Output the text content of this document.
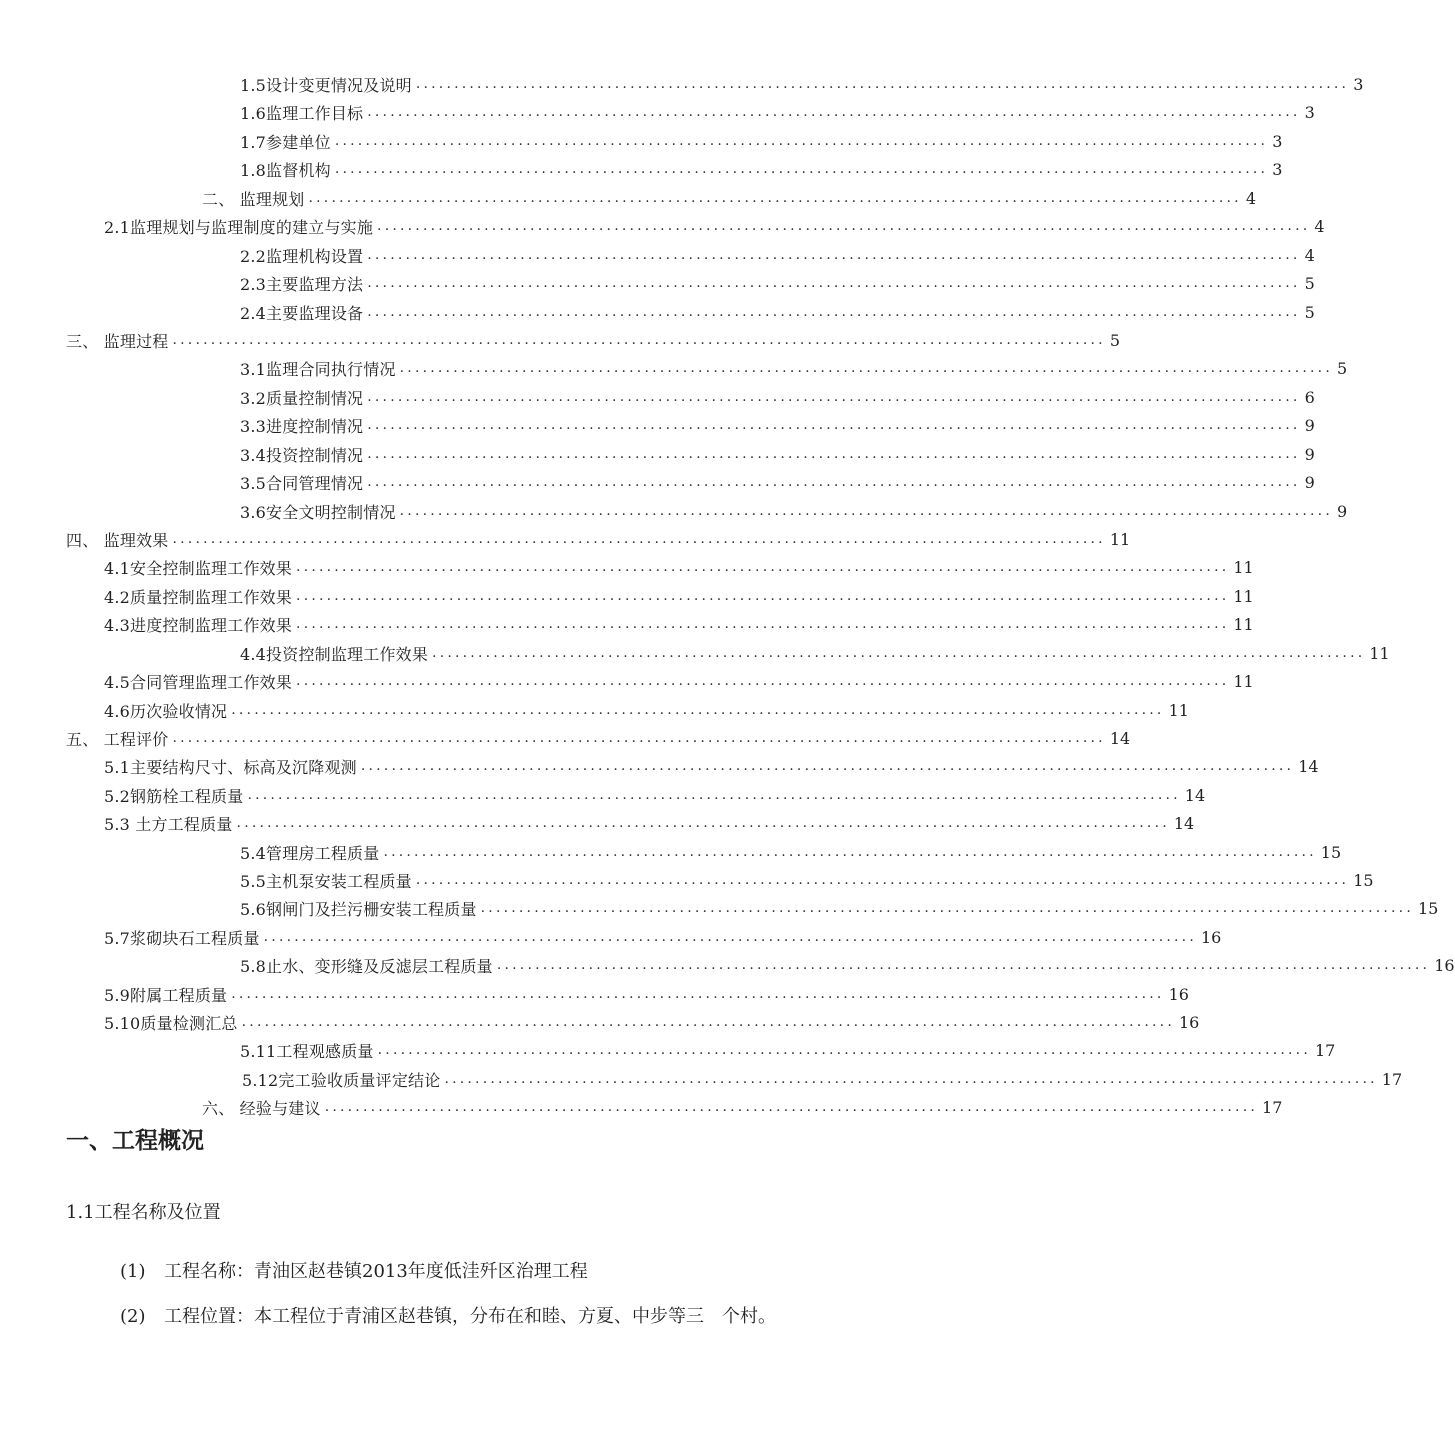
1.5设计变更情况及说明 .......................................................................................................................... 3
1.6监理工作目标 .......................................................................................................................... 3
1.7参建单位 .......................................................................................................................... 3
1.8监督机构 .......................................................................................................................... 3
二、 监理规划 .......................................................................................................................... 4
2.1监理规划与监理制度的建立与实施 .......................................................................................................................... 4
2.2监理机构设置 .......................................................................................................................... 4
2.3主要监理方法 .......................................................................................................................... 5
2.4主要监理设备 .......................................................................................................................... 5
三、 监理过程 .......................................................................................................................... 5
3.1监理合同执行情况 .......................................................................................................................... 5
3.2质量控制情况 .......................................................................................................................... 6
3.3进度控制情况 .......................................................................................................................... 9
3.4投资控制情况 .......................................................................................................................... 9
3.5合同管理情况 .......................................................................................................................... 9
3.6安全文明控制情况 .......................................................................................................................... 9
四、 监理效果 .......................................................................................................................... 11
4.1安全控制监理工作效果 .......................................................................................................................... 11
4.2质量控制监理工作效果 .......................................................................................................................... 11
4.3进度控制监理工作效果 .......................................................................................................................... 11
4.4投资控制监理工作效果 .......................................................................................................................... 11
4.5合同管理监理工作效果 .......................................................................................................................... 11
4.6历次验收情况 .......................................................................................................................... 11
五、 工程评价 .......................................................................................................................... 14
5.1主要结构尺寸、标高及沉降观测 .......................................................................................................................... 14
5.2钢筋栓工程质量 .......................................................................................................................... 14
5.3 土方工程质量 .......................................................................................................................... 14
5.4管理房工程质量 .......................................................................................................................... 15
5.5主机泵安装工程质量 .......................................................................................................................... 15
5.6钢闸门及拦污栅安装工程质量 .......................................................................................................................... 15
5.7浆砌块石工程质量 .......................................................................................................................... 16
5.8止水、变形缝及反滤层工程质量 .......................................................................................................................... 16
5.9附属工程质量 .......................................................................................................................... 16
5.10质量检测汇总 .......................................................................................................................... 16
5.11工程观感质量 .......................................................................................................................... 17
5.12完工验收质量评定结论 .......................................................................................................................... 17
六、 经验与建议 .......................................................................................................................... 17
一、工程概况
1.1工程名称及位置
(1) 工程名称：青油区赵巷镇2013年度低洼歼区治理工程
(2) 工程位置：本工程位于青浦区赵巷镇，分布在和睦、方夏、中步等三　个村。
